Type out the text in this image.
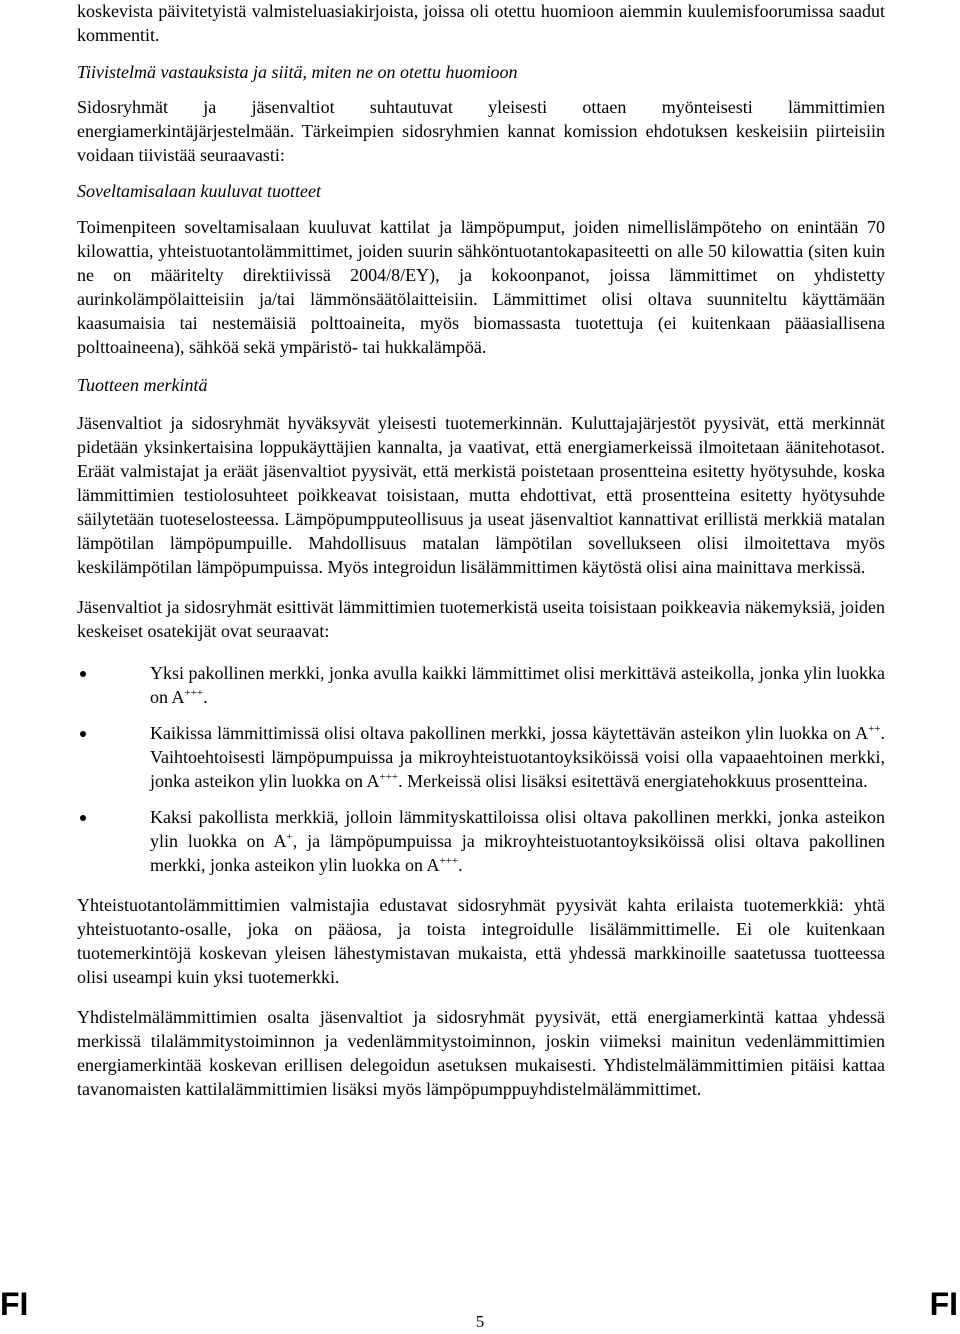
koskevista päivitetyistä valmisteluasiakirjoista, joissa oli otettu huomioon aiemmin kuulemisfoorumissa saadut kommentit.

Tiivistelmä vastauksista ja siitä, miten ne on otettu huomioon

Sidosryhmät ja jäsenvaltiot suhtautuvat yleisesti ottaen myönteisesti lämmittimien energiamerkintäjärjestelmään. Tärkeimpien sidosryhmien kannat komission ehdotuksen keskeisiin piirteisiin voidaan tiivistää seuraavasti:

Soveltamisalaan kuuluvat tuotteet

Toimenpiteen soveltamisalaan kuuluvat kattilat ja lämpöpumput, joiden nimellislämpöteho on enintään 70 kilowattia, yhteistuotantolämmittimet, joiden suurin sähköntuotantokapasiteetti on alle 50 kilowattia (siten kuin ne on määritelty direktiivissä 2004/8/EY), ja kokoonpanot, joissa lämmittimet on yhdistetty aurinkolämpölaitteisiin ja/tai lämmönsäätölaitteisiin. Lämmittimet olisi oltava suunniteltu käyttämään kaasumaisia tai nestemäisiä polttoaineita, myös biomassasta tuotettuja (ei kuitenkaan pääasiallisena polttoaineena), sähköä sekä ympäristö- tai hukkalämpöä.

Tuotteen merkintä

Jäsenvaltiot ja sidosryhmät hyväksyvät yleisesti tuotemerkinnän. Kuluttajajärjestöt pyysivät, että merkinnät pidetään yksinkertaisina loppukäyttäjien kannalta, ja vaativat, että energiamerkeissä ilmoitetaan äänitehotasot. Eräät valmistajat ja eräät jäsenvaltiot pyysivät, että merkistä poistetaan prosentteina esitetty hyötysuhde, koska lämmittimien testiolosuhteet poikkeavat toisistaan, mutta ehdottivat, että prosentteina esitetty hyötysuhde säilytetään tuoteselosteessa. Lämpöpumpputeollisuus ja useat jäsenvaltiot kannattivat erillistä merkkiä matalan lämpötilan lämpöpumpuille. Mahdollisuus matalan lämpötilan sovellukseen olisi ilmoitettava myös keskilämpötilan lämpöpumpuissa. Myös integroidun lisälämmittimen käytöstä olisi aina mainittava merkissä.

Jäsenvaltiot ja sidosryhmät esittivät lämmittimien tuotemerkistä useita toisistaan poikkeavia näkemyksiä, joiden keskeiset osatekijät ovat seuraavat:

Yksi pakollinen merkki, jonka avulla kaikki lämmittimet olisi merkittävä asteikolla, jonka ylin luokka on A+++.
Kaikissa lämmittimissä olisi oltava pakollinen merkki, jossa käytettävän asteikon ylin luokka on A++. Vaihtoehtoisesti lämpöpumpuissa ja mikroyhteistuotantoyksiköissä voisi olla vapaaehtoinen merkki, jonka asteikon ylin luokka on A+++. Merkeissä olisi lisäksi esitettävä energiatehokkuus prosentteina.
Kaksi pakollista merkkiä, jolloin lämmityskattiloissa olisi oltava pakollinen merkki, jonka asteikon ylin luokka on A+, ja lämpöpumpuissa ja mikroyhteistuotantoyksiköissä olisi oltava pakollinen merkki, jonka asteikon ylin luokka on A+++.

Yhteistuotantolämmittimien valmistajia edustavat sidosryhmät pyysivät kahta erilaista tuotemerkkiä: yhtä yhteistuotanto-osalle, joka on pääosa, ja toista integroidulle lisälämmittimelle. Ei ole kuitenkaan tuotemerkintöjä koskevan yleisen lähestymistavan mukaista, että yhdessä markkinoille saatetussa tuotteessa olisi useampi kuin yksi tuotemerkki.

Yhdistelmälämmittimien osalta jäsenvaltiot ja sidosryhmät pyysivät, että energiamerkintä kattaa yhdessä merkissä tilalämmitystoiminnon ja vedenlämmitystoiminnon, joskin viimeksi mainitun vedenlämmittimien energiamerkintää koskevan erillisen delegoidun asetuksen mukaisesti. Yhdistelmälämmittimien pitäisi kattaa tavanomaisten kattilalämmittimien lisäksi myös lämpöpumppuyhdistelmälämmittimet.

FI	5	FI
